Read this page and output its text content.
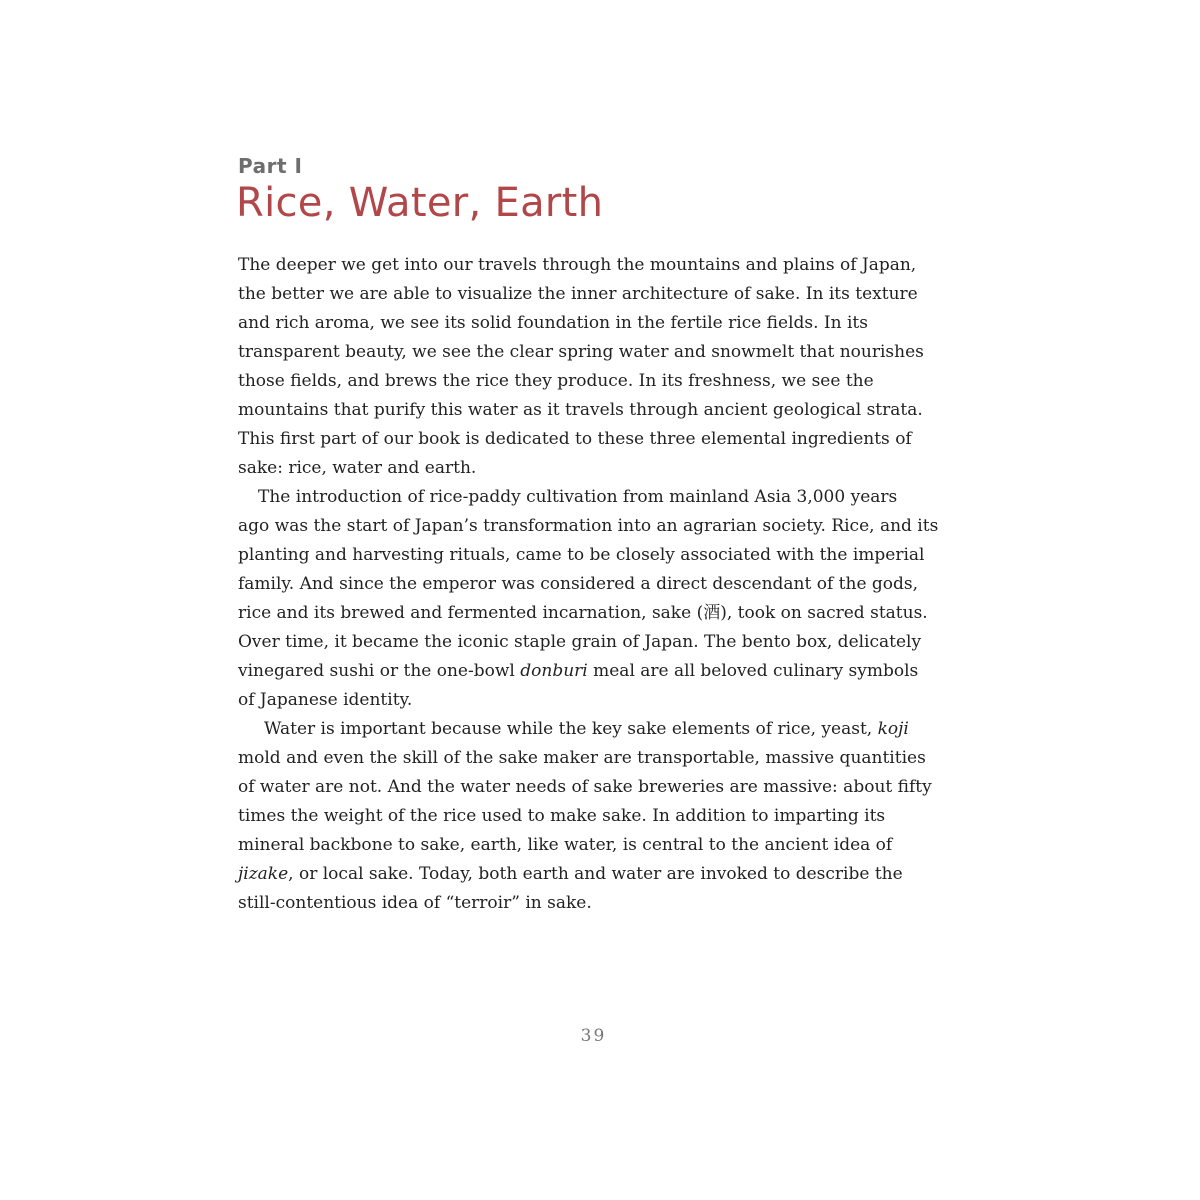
Part I
Rice, Water, Earth

The deeper we get into our travels through the mountains and plains of Japan,
the better we are able to visualize the inner architecture of sake. In its texture
and rich aroma, we see its solid foundation in the fertile rice fields. In its
transparent beauty, we see the clear spring water and snowmelt that nourishes
those fields, and brews the rice they produce. In its freshness, we see the
mountains that purify this water as it travels through ancient geological strata.
This first part of our book is dedicated to these three elemental ingredients of
sake: rice, water and earth.

The introduction of rice-paddy cultivation from mainland Asia 3,000 years
ago was the start of Japan’s transformation into an agrarian society. Rice, and its
planting and harvesting rituals, came to be closely associated with the imperial
family. And since the emperor was considered a direct descendant of the gods,
rice and its brewed and fermented incarnation, sake (酒), took on sacred status.
Over time, it became the iconic staple grain of Japan. The bento box, delicately
vinegared sushi or the one-bowl donburi meal are all beloved culinary symbols
of Japanese identity.

Water is important because while the key sake elements of rice, yeast, koji
mold and even the skill of the sake maker are transportable, massive quantities
of water are not. And the water needs of sake breweries are massive: about fifty
times the weight of the rice used to make sake. In addition to imparting its
mineral backbone to sake, earth, like water, is central to the ancient idea of
jizake, or local sake. Today, both earth and water are invoked to describe the
still-contentious idea of “terroir” in sake.

39
